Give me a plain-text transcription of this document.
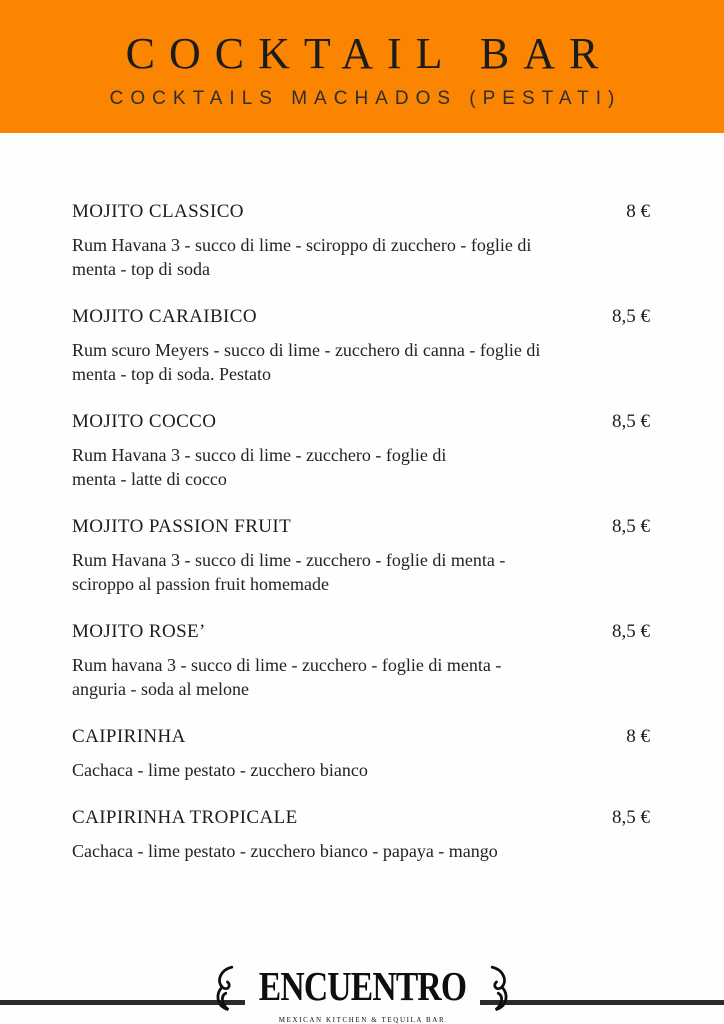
COCKTAIL BAR
COCKTAILS MACHADOS (PESTATI)
MOJITO CLASSICO	8 €
Rum Havana 3 - succo di lime - sciroppo di zucchero - foglie di
menta - top di soda
MOJITO CARAIBICO	8,5 €
Rum scuro Meyers - succo di lime - zucchero di canna - foglie di
menta - top di soda. Pestato
MOJITO COCCO	8,5 €
Rum Havana 3 - succo di lime - zucchero - foglie di
menta - latte di cocco
MOJITO PASSION FRUIT	8,5 €
Rum Havana 3 - succo di lime - zucchero - foglie di menta -
sciroppo al passion fruit homemade
MOJITO ROSE’	8,5 €
Rum havana 3 - succo di lime - zucchero - foglie di menta -
anguria - soda al melone
CAIPIRINHA	8 €
Cachaca - lime pestato - zucchero bianco
CAIPIRINHA TROPICALE	8,5 €
Cachaca - lime pestato - zucchero bianco - papaya - mango
ENCUENTRO
MEXICAN KITCHEN & TEQUILA BAR
